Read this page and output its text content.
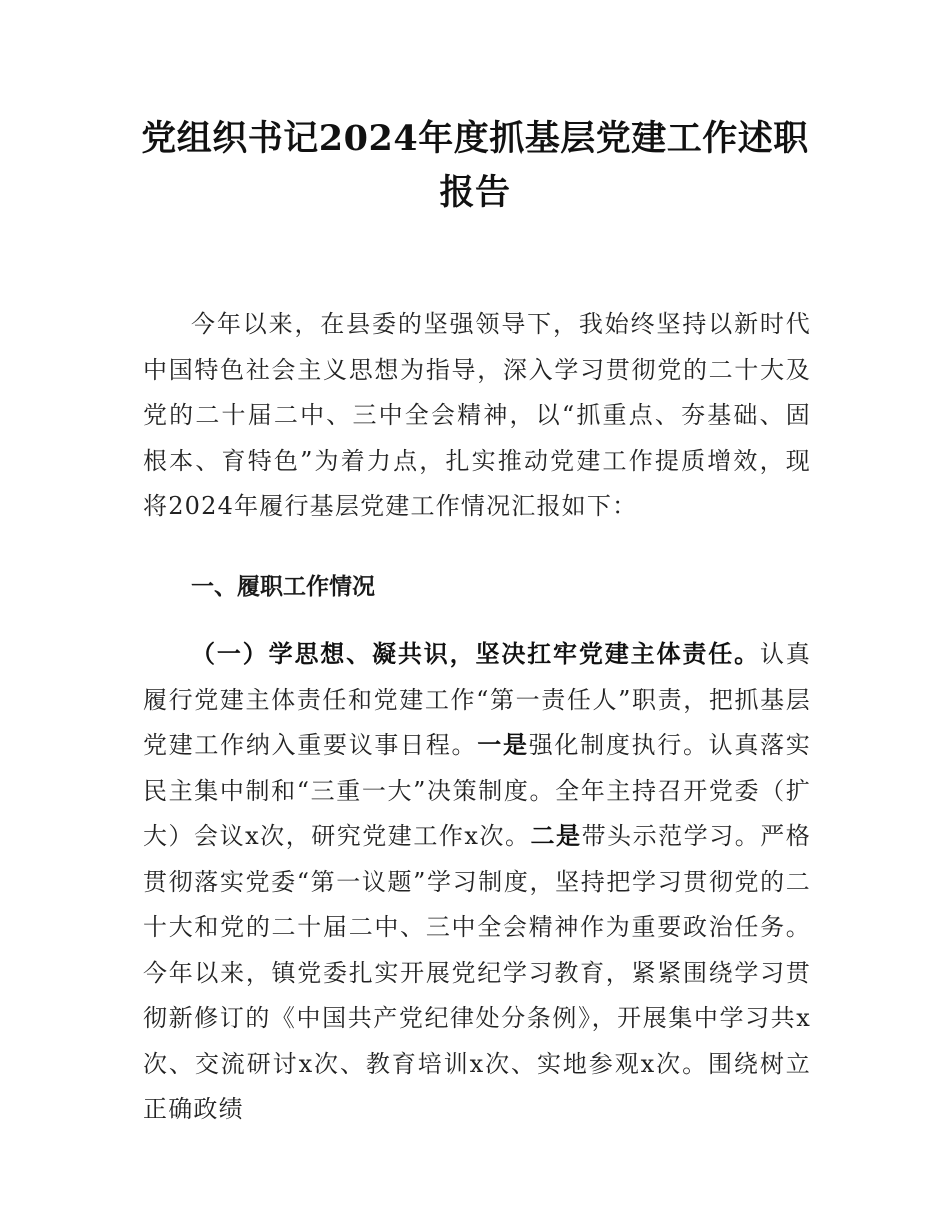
党组织书记2024年度抓基层党建工作述职报告
今年以来，在县委的坚强领导下，我始终坚持以新时代中国特色社会主义思想为指导，深入学习贯彻党的二十大及党的二十届二中、三中全会精神，以“抓重点、夯基础、固根本、育特色”为着力点，扎实推动党建工作提质增效，现将2024年履行基层党建工作情况汇报如下：
一、履职工作情况
（一）学思想、凝共识，坚决扛牢党建主体责任。认真履行党建主体责任和党建工作“第一责任人”职责，把抓基层党建工作纳入重要议事日程。一是强化制度执行。认真落实民主集中制和“三重一大”决策制度。全年主持召开党委（扩大）会议x次，研究党建工作x次。二是带头示范学习。严格贯彻落实党委“第一议题”学习制度，坚持把学习贯彻党的二十大和党的二十届二中、三中全会精神作为重要政治任务。今年以来，镇党委扎实开展党纪学习教育，紧紧围绕学习贯彻新修订的《中国共产党纪律处分条例》，开展集中学习共x次、交流研讨x次、教育培训x次、实地参观x次。围绕树立正确政绩
